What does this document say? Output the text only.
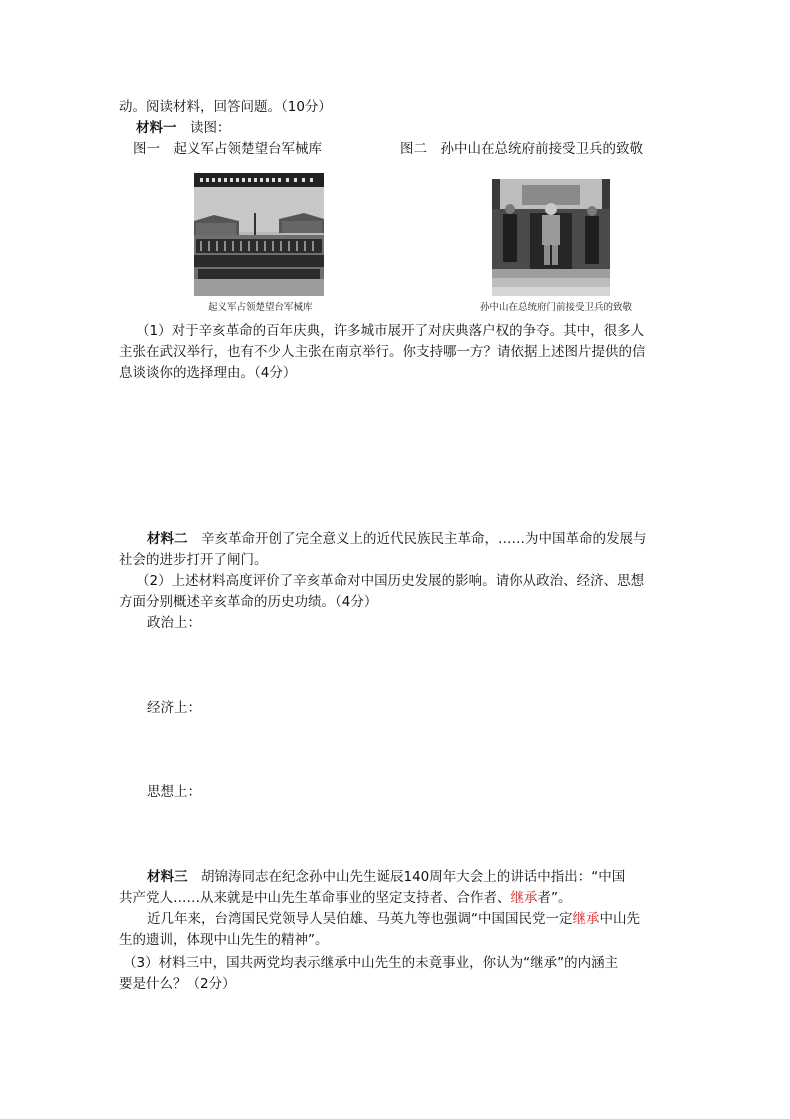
动。阅读材料，回答问题。（10分）
材料一　 读图：
图一　起义军占领楚望台军械库	图二　孙中山在总统府前接受卫兵的致敬
起义军占领楚望台军械库	孙中山在总统府门前接受卫兵的致敬
（1）对于辛亥革命的百年庆典，许多城市展开了对庆典落户权的争夺。其中，很多人
主张在武汉举行，也有不少人主张在南京举行。你支持哪一方？请依据上述图片提供的信
息谈谈你的选择理由。（4分）
材料二　 辛亥革命开创了完全意义上的近代民族民主革命，……为中国革命的发展与
社会的进步打开了闸门。
（2）上述材料高度评价了辛亥革命对中国历史发展的影响。请你从政治、经济、思想
方面分别概述辛亥革命的历史功绩。（4分）
政治上：
经济上：
思想上：
材料三　 胡锦涛同志在纪念孙中山先生诞辰140周年大会上的讲话中指出：“中国
共产党人……从来就是中山先生革命事业的坚定支持者、合作者、继承者”。
近几年来，台湾国民党领导人吴伯雄、马英九等也强调“中国国民党一定继承中山先
生的遗训，体现中山先生的精神”。
（3）材料三中，国共两党均表示继承中山先生的未竟事业，你认为“继承”的内涵主
要是什么？（2分）
